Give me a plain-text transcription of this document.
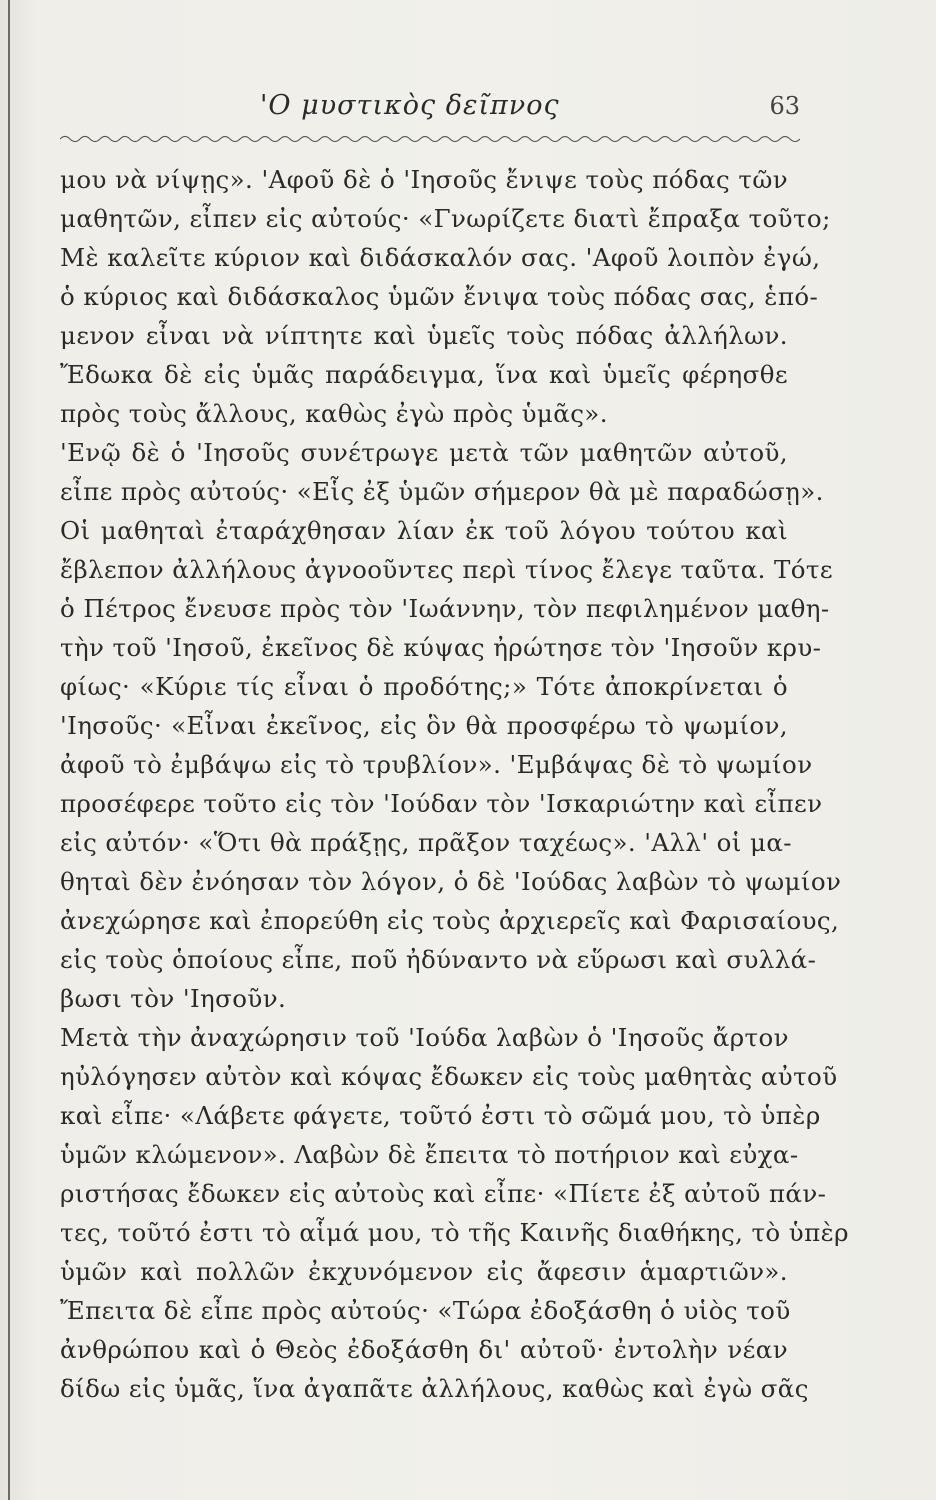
'Ο μυστικὸς δεῖπνος	63
μου νὰ νίψῃς». 'Αφοῦ δὲ ὁ 'Ιησοῦς ἔνιψε τοὺς πόδας τῶν
μαθητῶν, εἶπεν εἰς αὐτούς· «Γνωρίζετε διατὶ ἔπραξα τοῦτο;
Μὲ καλεῖτε κύριον καὶ διδάσκαλόν σας. 'Αφοῦ λοιπὸν ἐγώ,
ὁ κύριος καὶ διδάσκαλος ὑμῶν ἔνιψα τοὺς πόδας σας, ἑπό-
μενον εἶναι νὰ νίπτητε καὶ ὑμεῖς τοὺς πόδας ἀλλήλων.
Ἔδωκα δὲ εἰς ὑμᾶς παράδειγμα, ἵνα καὶ ὑμεῖς φέρησθε
πρὸς τοὺς ἄλλους, καθὼς ἐγὼ πρὸς ὑμᾶς».
'Ενῷ δὲ ὁ 'Ιησοῦς συνέτρωγε μετὰ τῶν μαθητῶν αὐτοῦ,
εἶπε πρὸς αὐτούς· «Εἷς ἐξ ὑμῶν σήμερον θὰ μὲ παραδώσῃ».
Οἱ μαθηταὶ ἐταράχθησαν λίαν ἐκ τοῦ λόγου τούτου καὶ
ἔβλεπον ἀλλήλους ἀγνοοῦντες περὶ τίνος ἔλεγε ταῦτα. Τότε
ὁ Πέτρος ἔνευσε πρὸς τὸν 'Ιωάννην, τὸν πεφιλημένον μαθη-
τὴν τοῦ 'Ιησοῦ, ἐκεῖνος δὲ κύψας ἠρώτησε τὸν 'Ιησοῦν κρυ-
φίως· «Κύριε τίς εἶναι ὁ προδότης;» Τότε ἀποκρίνεται ὁ
'Ιησοῦς· «Εἶναι ἐκεῖνος, εἰς ὃν θὰ προσφέρω τὸ ψωμίον,
ἀφοῦ τὸ ἐμβάψω εἰς τὸ τρυβλίον». 'Εμβάψας δὲ τὸ ψωμίον
προσέφερε τοῦτο εἰς τὸν 'Ιούδαν τὸν 'Ισκαριώτην καὶ εἶπεν
εἰς αὐτόν· «Ὅτι θὰ πράξῃς, πρᾶξον ταχέως». 'Αλλ' οἱ μα-
θηταὶ δὲν ἐνόησαν τὸν λόγον, ὁ δὲ 'Ιούδας λαβὼν τὸ ψωμίον
ἀνεχώρησε καὶ ἐπορεύθη εἰς τοὺς ἀρχιερεῖς καὶ Φαρισαίους,
εἰς τοὺς ὁποίους εἶπε, ποῦ ἠδύναντο νὰ εὕρωσι καὶ συλλά-
βωσι τὸν 'Ιησοῦν.
Μετὰ τὴν ἀναχώρησιν τοῦ 'Ιούδα λαβὼν ὁ 'Ιησοῦς ἄρτον
ηὐλόγησεν αὐτὸν καὶ κόψας ἔδωκεν εἰς τοὺς μαθητὰς αὐτοῦ
καὶ εἶπε· «Λάβετε φάγετε, τοῦτό ἐστι τὸ σῶμά μου, τὸ ὑπὲρ
ὑμῶν κλώμενον». Λαβὼν δὲ ἔπειτα τὸ ποτήριον καὶ εὐχα-
ριστήσας ἔδωκεν εἰς αὐτοὺς καὶ εἶπε· «Πίετε ἐξ αὐτοῦ πάν-
τες, τοῦτό ἐστι τὸ αἷμά μου, τὸ τῆς Καινῆς διαθήκης, τὸ ὑπὲρ
ὑμῶν καὶ πολλῶν ἐκχυνόμενον εἰς ἄφεσιν ἁμαρτιῶν».
Ἔπειτα δὲ εἶπε πρὸς αὐτούς· «Τώρα ἐδοξάσθη ὁ υἱὸς τοῦ
ἀνθρώπου καὶ ὁ Θεὸς ἐδοξάσθη δι' αὐτοῦ· ἐντολὴν νέαν
δίδω εἰς ὑμᾶς, ἵνα ἀγαπᾶτε ἀλλήλους, καθὼς καὶ ἐγὼ σᾶς
